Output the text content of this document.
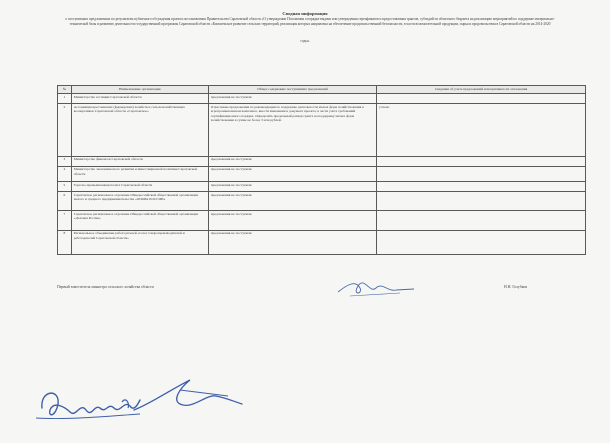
Сводная информация
о поступивших предложениях по результатам публичного обсуждения проекта постановления Правительства Саратовской области «О утверждении Положения о порядке выдачи или утверждения сертификатов и предоставления грантов, субсидий из областного бюджета на реализацию мероприятий по поддержке материально-технической базы и развитию деятельности государственной программы Саратовской области «Комплексное развитие сельских территорий, реализация которых направлена на обеспечение продовольственной безопасности, в части вспомогательной продукции, сырья и продовольствия в Саратовской области на 2014-2020
годы»
№	Наименование организации	Общее содержание поступивших предложений	Сведения об учете предложений или причинах их отклонения
1	Министерство юстиции Саратовской области	предложения не поступили	
2	Ассоциация крестьянских (фермерских) хозяйств и сельскохозяйственных кооперативов Саратовской области «Саратовское»	Отраслевые предложения по рекомендации по поддержке деятельности малых форм хозяйствования в агропромышленном комплексе, внести изменения в документ проекта, в части учета требований сертификационного порядка. Определить предельный размер гранта на поддержку малых форм хозяйствования в сумме не более 3 млн рублей.	учтено
3	Министерство финансов Саратовской области	предложения не поступили	
4	Министерство экономического развития и инвестиционной политики Саратовской области	предложения не поступили	
5	Торгово-промышленная палата Саратовской области	предложения не поступили	
6	Саратовское региональное отделение Общероссийской общественной организации малого и среднего предпринимательства «ОПОРА РОССИИ»	предложения не поступили	
7	Саратовское региональное отделение Общероссийской общественной организации «Деловая Россия»	предложения не поступили	
8	Региональное объединение работодателей «Союз товаропроизводителей и работодателей Саратовской области»	предложения не поступили	
Первый заместитель министра сельского хозяйства области	Н.Н. Голубков
